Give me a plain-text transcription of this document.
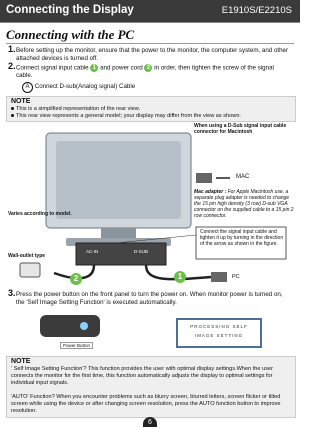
Connecting the Display	E1910S/E2210S
Connecting with the PC
1. Before setting up the monitor, ensure that the power to the monitor, the computer system, and other attached devices is turned off.
2. Connect signal input cable 1 and power cord 2 in order, then tighten the screw of the signal cable.
A Connect D-sub(Analog signal) Cable
NOTE
This is a simplified representation of the rear view.
This rear view represents a general model; your display may differ from the view as shown.
When using a D-Sub signal input cable connector for Macintosh
MAC
Mac adapter : For Apple Macintosh use, a separate plug adapter is needed to change the 15 pin high density (3 row) D-sub VGA connector on the supplied cable to a 15 pin 2 row connector.
Varies according to model.
AC-IN	D-SUB
Wall-outlet type
Connect the signal input cable and tighten it up by turning in the direction of the arrow as shown in the figure.
PC
2	1
3. Press the power button on the front panel to turn the power on. When monitor power is turned on, the 'Self Image Setting Function' is executed automatically.
Power Button
PROCESSING SELF
IMAGE SETTING
NOTE
' Self Image Setting Function'? This function provides the user with optimal display settings.When the user connects the monitor for the first time, this function automatically adjusts the display to optimal settings for individual input signals.
'AUTO' Function? When you encounter problems such as blurry screen, blurred letters, screen flicker or tilted screen while using the device or after changing screen resolution, press the AUTO function button to improve resolution.
6
